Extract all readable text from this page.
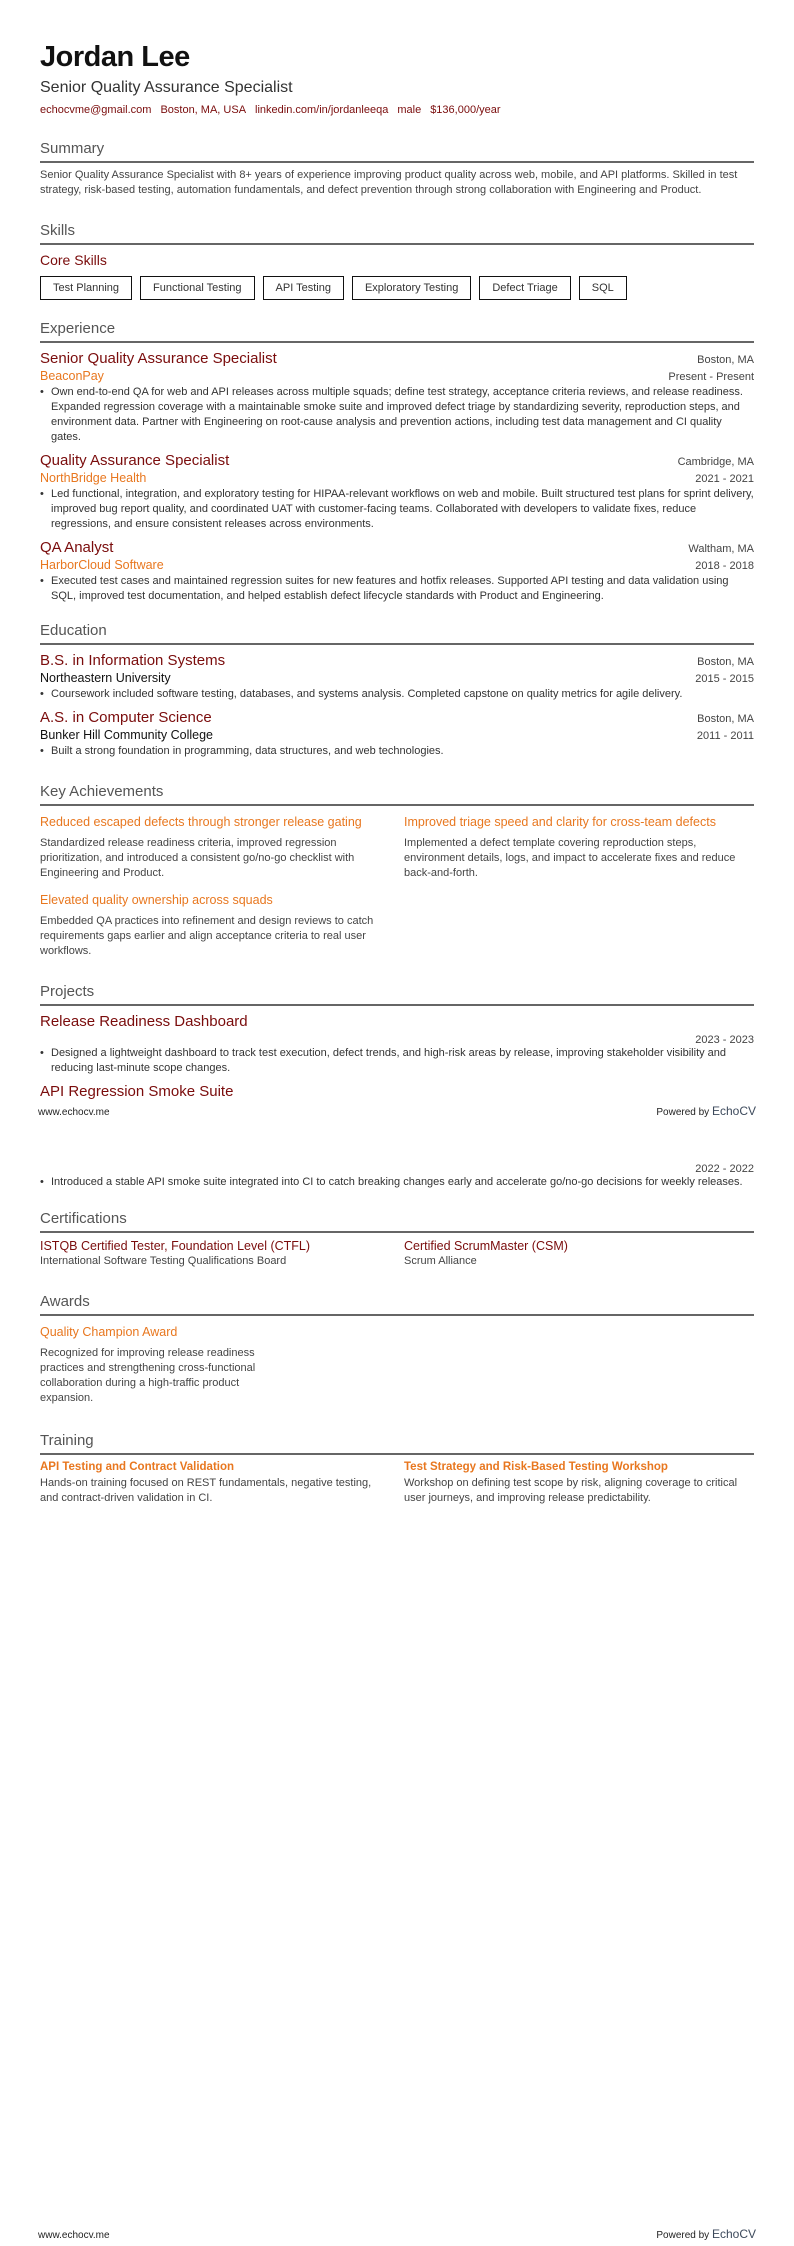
Jordan Lee
Senior Quality Assurance Specialist
echocvme@gmail.com Boston, MA, USA linkedin.com/in/jordanleeqa male $136,000/year
Summary
Senior Quality Assurance Specialist with 8+ years of experience improving product quality across web, mobile, and API platforms. Skilled in test strategy, risk-based testing, automation fundamentals, and defect prevention through strong collaboration with Engineering and Product.
Skills
Core Skills
Test Planning	Functional Testing	API Testing	Exploratory Testing	Defect Triage	SQL
Experience
Senior Quality Assurance Specialist	Boston, MA
BeaconPay	Present - Present
• Own end-to-end QA for web and API releases across multiple squads; define test strategy, acceptance criteria reviews, and release readiness. Expanded regression coverage with a maintainable smoke suite and improved defect triage by standardizing severity, reproduction steps, and environment data. Partner with Engineering on root-cause analysis and prevention actions, including test data management and CI quality gates.
Quality Assurance Specialist	Cambridge, MA
NorthBridge Health	2021 - 2021
• Led functional, integration, and exploratory testing for HIPAA-relevant workflows on web and mobile. Built structured test plans for sprint delivery, improved bug report quality, and coordinated UAT with customer-facing teams. Collaborated with developers to validate fixes, reduce regressions, and ensure consistent releases across environments.
QA Analyst	Waltham, MA
HarborCloud Software	2018 - 2018
• Executed test cases and maintained regression suites for new features and hotfix releases. Supported API testing and data validation using SQL, improved test documentation, and helped establish defect lifecycle standards with Product and Engineering.
Education
B.S. in Information Systems	Boston, MA
Northeastern University	2015 - 2015
• Coursework included software testing, databases, and systems analysis. Completed capstone on quality metrics for agile delivery.
A.S. in Computer Science	Boston, MA
Bunker Hill Community College	2011 - 2011
• Built a strong foundation in programming, data structures, and web technologies.
Key Achievements
Reduced escaped defects through stronger release gating
Standardized release readiness criteria, improved regression prioritization, and introduced a consistent go/no-go checklist with Engineering and Product.
Elevated quality ownership across squads
Embedded QA practices into refinement and design reviews to catch requirements gaps earlier and align acceptance criteria to real user workflows.
Improved triage speed and clarity for cross-team defects
Implemented a defect template covering reproduction steps, environment details, logs, and impact to accelerate fixes and reduce back-and-forth.
Projects
Release Readiness Dashboard
2023 - 2023
• Designed a lightweight dashboard to track test execution, defect trends, and high-risk areas by release, improving stakeholder visibility and reducing last-minute scope changes.
API Regression Smoke Suite
www.echocv.me	Powered by EchoCV
2022 - 2022
• Introduced a stable API smoke suite integrated into CI to catch breaking changes early and accelerate go/no-go decisions for weekly releases.
Certifications
ISTQB Certified Tester, Foundation Level (CTFL)
International Software Testing Qualifications Board
Certified ScrumMaster (CSM)
Scrum Alliance
Awards
Quality Champion Award
Recognized for improving release readiness practices and strengthening cross-functional collaboration during a high-traffic product expansion.
Training
API Testing and Contract Validation
Hands-on training focused on REST fundamentals, negative testing, and contract-driven validation in CI.
Test Strategy and Risk-Based Testing Workshop
Workshop on defining test scope by risk, aligning coverage to critical user journeys, and improving release predictability.
www.echocv.me	Powered by EchoCV
